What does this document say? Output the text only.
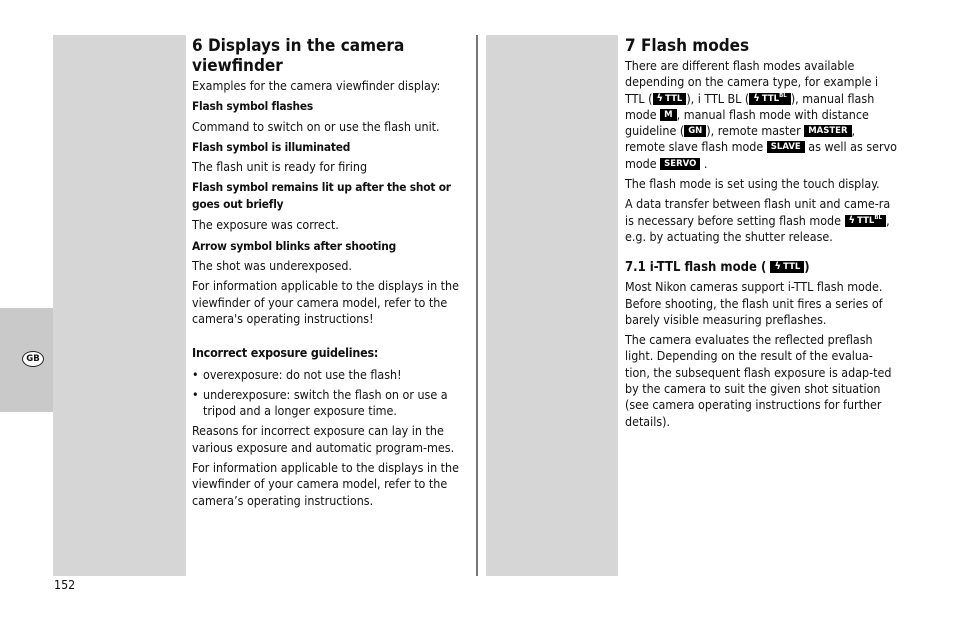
GB
6 Displays in the camera viewfinder

Examples for the camera viewfinder display:

Flash symbol flashes

Command to switch on or use the flash unit.

Flash symbol is illuminated

The flash unit is ready for firing

Flash symbol remains lit up after the shot or goes out briefly

The exposure was correct.

Arrow symbol blinks after shooting

The shot was underexposed.

For information applicable to the displays in the viewfinder of your camera model, refer to the camera's operating instructions!

Incorrect exposure guidelines:

• overexposure: do not use the flash!

• underexposure: switch the flash on or use a tripod and a longer exposure time.

Reasons for incorrect exposure can lay in the various exposure and automatic program-mes.

For information applicable to the displays in the viewfinder of your camera model, refer to the camera’s operating instructions.

7 Flash modes

There are different flash modes available depending on the camera type, for example i TTL ( ϟ TTL ), i TTL BL ( ϟ $TTL^{BL}$ ), manual flash mode M , manual flash mode with distance guideline ( GN ), remote master MASTER , remote slave flash mode SLAVE as well as servo mode SERVO .

The flash mode is set using the touch display.

A data transfer between flash unit and came-ra is necessary before setting flash mode ϟ $TTL^{BL}$ , e.g. by actuating the shutter release.

7.1 i-TTL flash mode ( ϟ TTL )

Most Nikon cameras support i-TTL flash mode.

Before shooting, the flash unit fires a series of barely visible measuring preflashes.

The camera evaluates the reflected preflash light. Depending on the result of the evalua-tion, the subsequent flash exposure is adap-ted by the camera to suit the given shot situation (see camera operating instructions for further details).

152
